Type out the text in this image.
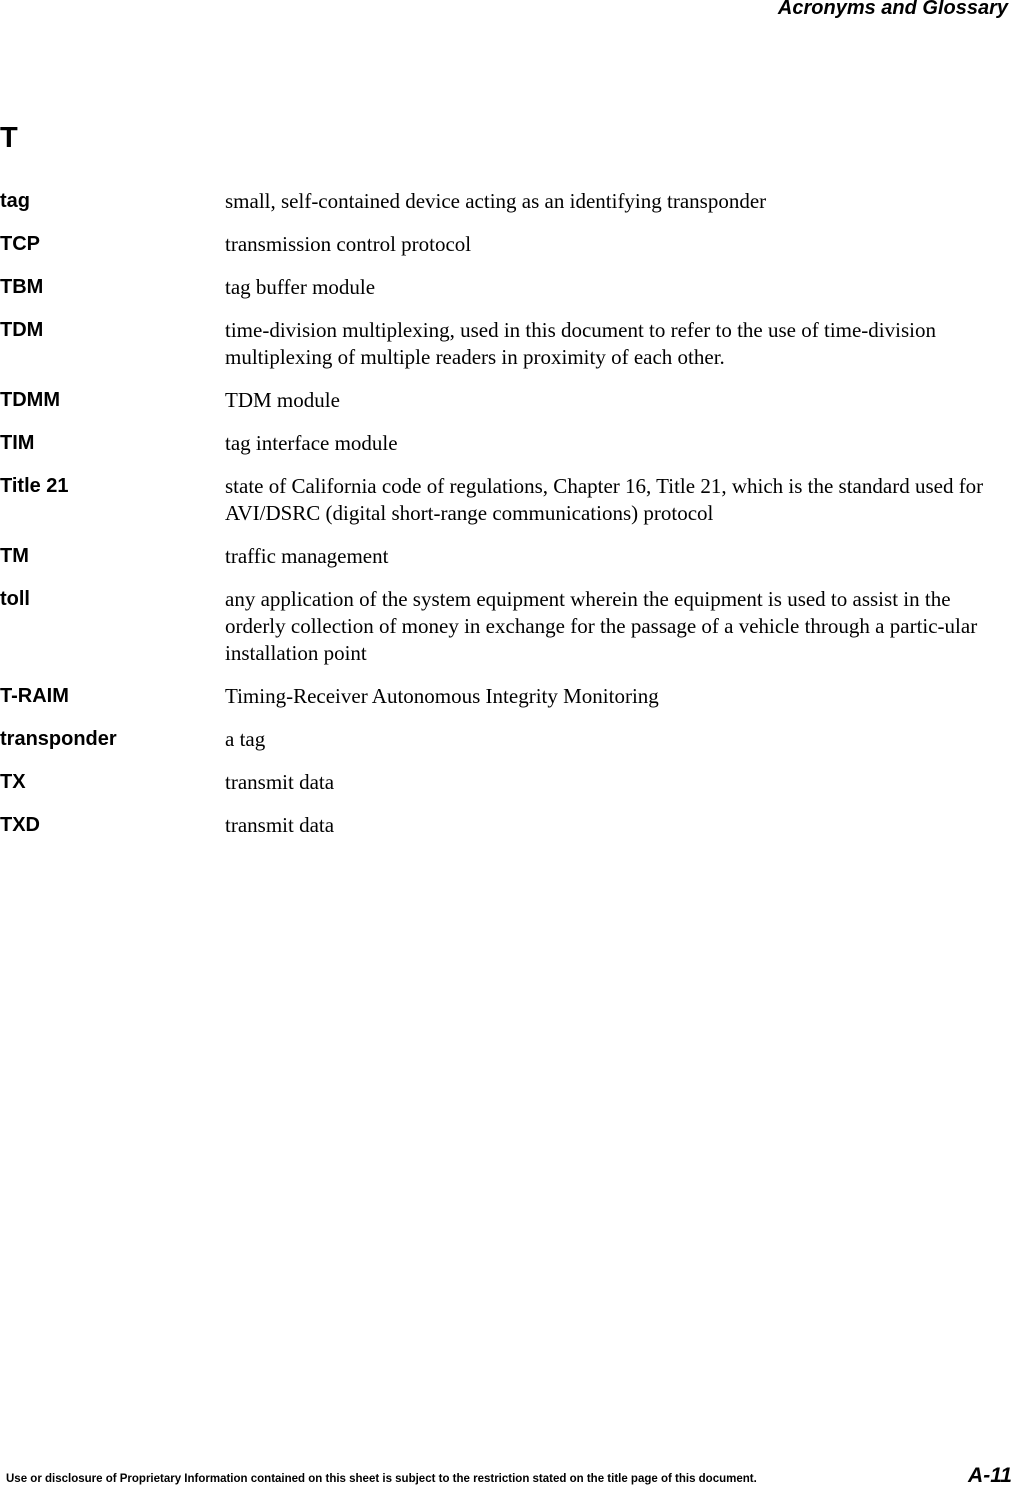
Acronyms and Glossary
T
tag	small, self-contained device acting as an identifying transponder
TCP	transmission control protocol
TBM	tag buffer module
TDM	time-division multiplexing, used in this document to refer to the use of time-division multiplexing of multiple readers in proximity of each other.
TDMM	TDM module
TIM	tag interface module
Title 21	state of California code of regulations, Chapter 16, Title 21, which is the standard used for AVI/DSRC (digital short-range communications) protocol
TM	traffic management
toll	any application of the system equipment wherein the equipment is used to assist in the orderly collection of money in exchange for the passage of a vehicle through a partic-ular installation point
T-RAIM	Timing-Receiver Autonomous Integrity Monitoring
transponder	a tag
TX	transmit data
TXD	transmit data
Use or disclosure of Proprietary Information contained on this sheet is subject to the restriction stated on the title page of this document.	A-11
